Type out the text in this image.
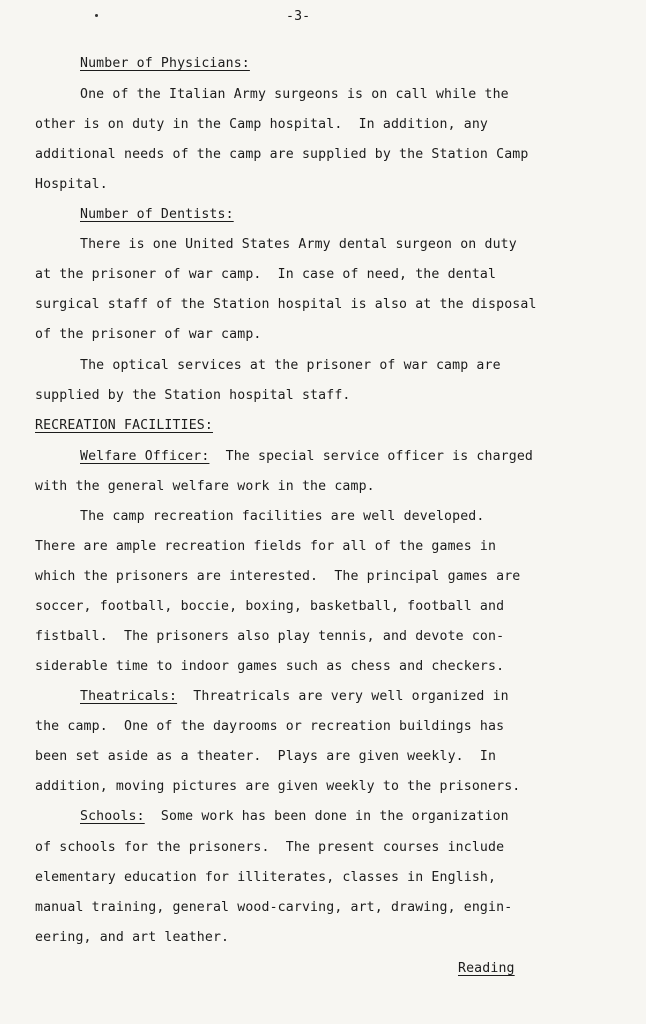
-3-
Number of Physicians:
One of the Italian Army surgeons is on call while the
other is on duty in the Camp hospital.  In addition, any
additional needs of the camp are supplied by the Station Camp
Hospital.
Number of Dentists:
There is one United States Army dental surgeon on duty
at the prisoner of war camp.  In case of need, the dental
surgical staff of the Station hospital is also at the disposal
of the prisoner of war camp.
The optical services at the prisoner of war camp are
supplied by the Station hospital staff.
RECREATION FACILITIES:
Welfare Officer:  The special service officer is charged
with the general welfare work in the camp.
The camp recreation facilities are well developed.
There are ample recreation fields for all of the games in
which the prisoners are interested.  The principal games are
soccer, football, boccie, boxing, basketball, football and
fistball.  The prisoners also play tennis, and devote con-
siderable time to indoor games such as chess and checkers.
Theatricals:  Threatricals are very well organized in
the camp.  One of the dayrooms or recreation buildings has
been set aside as a theater.  Plays are given weekly.  In
addition, moving pictures are given weekly to the prisoners.
Schools:  Some work has been done in the organization
of schools for the prisoners.  The present courses include
elementary education for illiterates, classes in English,
manual training, general wood-carving, art, drawing, engin-
eering, and art leather.
Reading
